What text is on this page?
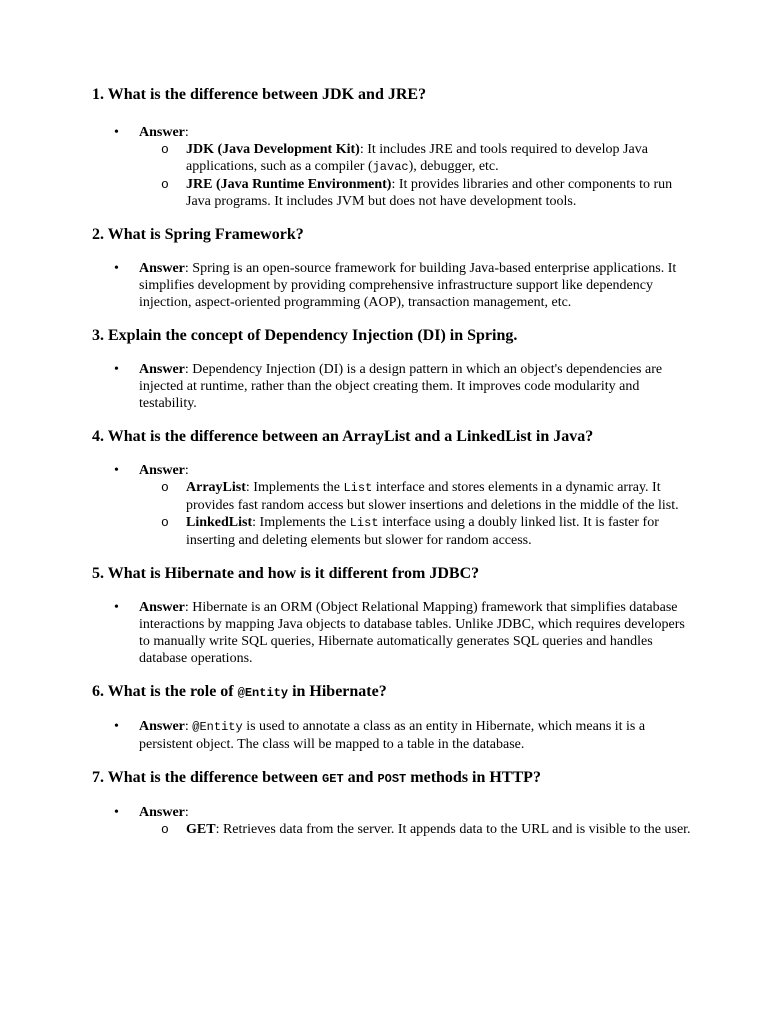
1. What is the difference between JDK and JRE?
• Answer:
o JDK (Java Development Kit): It includes JRE and tools required to develop Java applications, such as a compiler (javac), debugger, etc.
o JRE (Java Runtime Environment): It provides libraries and other components to run Java programs. It includes JVM but does not have development tools.
2. What is Spring Framework?
• Answer: Spring is an open-source framework for building Java-based enterprise applications. It simplifies development by providing comprehensive infrastructure support like dependency injection, aspect-oriented programming (AOP), transaction management, etc.
3. Explain the concept of Dependency Injection (DI) in Spring.
• Answer: Dependency Injection (DI) is a design pattern in which an object's dependencies are injected at runtime, rather than the object creating them. It improves code modularity and testability.
4. What is the difference between an ArrayList and a LinkedList in Java?
• Answer:
o ArrayList: Implements the List interface and stores elements in a dynamic array. It provides fast random access but slower insertions and deletions in the middle of the list.
o LinkedList: Implements the List interface using a doubly linked list. It is faster for inserting and deleting elements but slower for random access.
5. What is Hibernate and how is it different from JDBC?
• Answer: Hibernate is an ORM (Object Relational Mapping) framework that simplifies database interactions by mapping Java objects to database tables. Unlike JDBC, which requires developers to manually write SQL queries, Hibernate automatically generates SQL queries and handles database operations.
6. What is the role of @Entity in Hibernate?
• Answer: @Entity is used to annotate a class as an entity in Hibernate, which means it is a persistent object. The class will be mapped to a table in the database.
7. What is the difference between GET and POST methods in HTTP?
• Answer:
o GET: Retrieves data from the server. It appends data to the URL and is visible to the user.
